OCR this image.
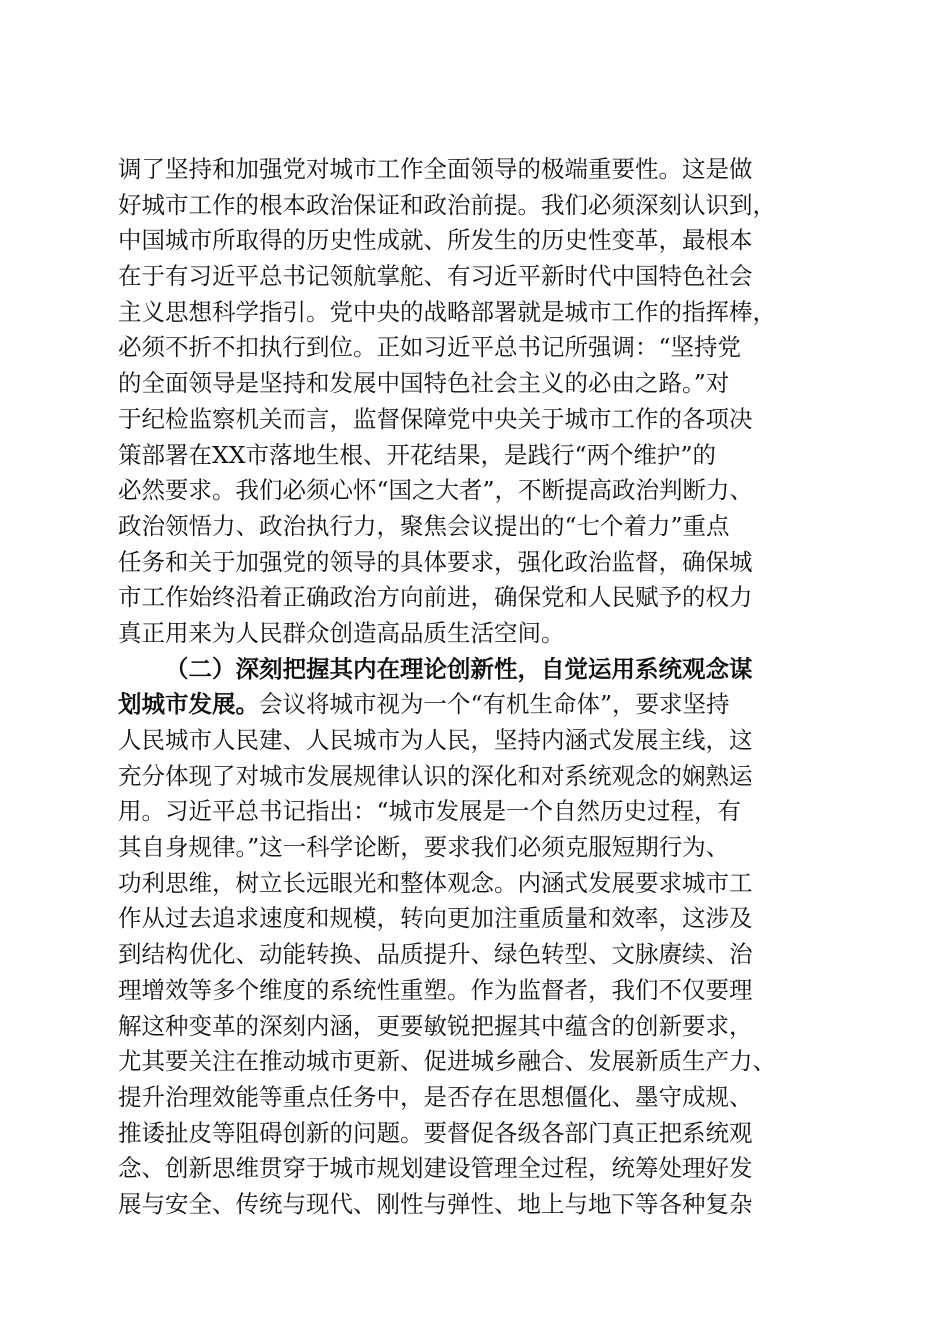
调了坚持和加强党对城市工作全面领导的极端重要性。这是做
好城市工作的根本政治保证和政治前提。我们必须深刻认识到，
中国城市所取得的历史性成就、所发生的历史性变革，最根本
在于有习近平总书记领航掌舵、有习近平新时代中国特色社会
主义思想科学指引。党中央的战略部署就是城市工作的指挥棒，
必须不折不扣执行到位。正如习近平总书记所强调：“坚持党
的全面领导是坚持和发展中国特色社会主义的必由之路。”对
于纪检监察机关而言，监督保障党中央关于城市工作的各项决
策部署在XX市落地生根、开花结果，是践行“两个维护”的
必然要求。我们必须心怀“国之大者”，不断提高政治判断力、
政治领悟力、政治执行力，聚焦会议提出的“七个着力”重点
任务和关于加强党的领导的具体要求，强化政治监督，确保城
市工作始终沿着正确政治方向前进，确保党和人民赋予的权力
真正用来为人民群众创造高品质生活空间。
（二）深刻把握其内在理论创新性，自觉运用系统观念谋
划城市发展。会议将城市视为一个“有机生命体”，要求坚持
人民城市人民建、人民城市为人民，坚持内涵式发展主线，这
充分体现了对城市发展规律认识的深化和对系统观念的娴熟运
用。习近平总书记指出：“城市发展是一个自然历史过程，有
其自身规律。”这一科学论断，要求我们必须克服短期行为、
功利思维，树立长远眼光和整体观念。内涵式发展要求城市工
作从过去追求速度和规模，转向更加注重质量和效率，这涉及
到结构优化、动能转换、品质提升、绿色转型、文脉赓续、治
理增效等多个维度的系统性重塑。作为监督者，我们不仅要理
解这种变革的深刻内涵，更要敏锐把握其中蕴含的创新要求，
尤其要关注在推动城市更新、促进城乡融合、发展新质生产力、
提升治理效能等重点任务中，是否存在思想僵化、墨守成规、
推诿扯皮等阻碍创新的问题。要督促各级各部门真正把系统观
念、创新思维贯穿于城市规划建设管理全过程，统筹处理好发
展与安全、传统与现代、刚性与弹性、地上与地下等各种复杂
